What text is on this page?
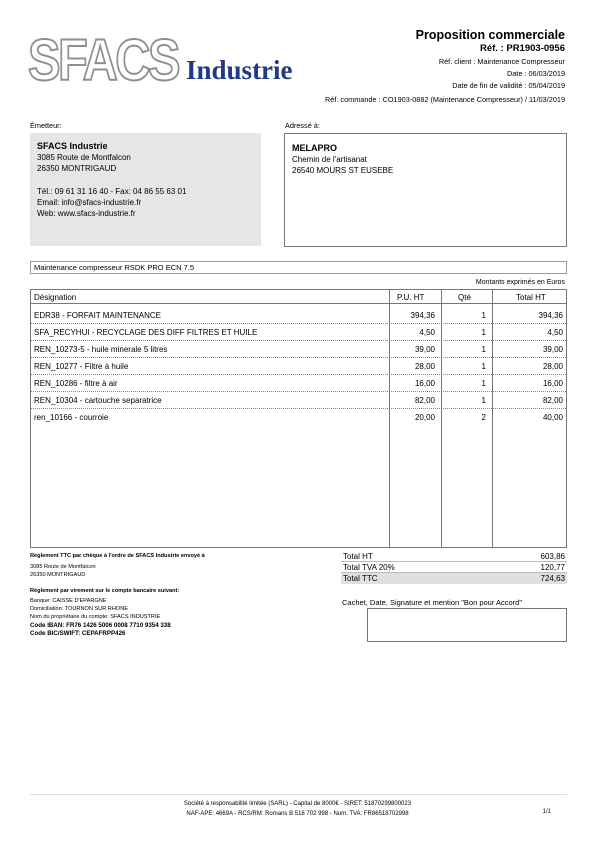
SFACS Industrie
Proposition commerciale
Réf. : PR1903-0956
Réf. client : Maintenance Compresseur
Date : 06/03/2019
Date de fin de validité : 05/04/2019
Réf. commande : CO1903-0882 (Maintenance Compresseur) / 11/03/2019
Émetteur:
SFACS Industrie
3085 Route de Montfalcon
26350 MONTRIGAUD
Tél.: 09 61 31 16 40 - Fax: 04 86 55 63 01
Email: info@sfacs-industrie.fr
Web: www.sfacs-industrie.fr
Adressé à:
MELAPRO
Chemin de l'artisanat
26540 MOURS ST EUSEBE
Maintenance compresseur RSDK PRO ECN 7.5
Montants exprimés en Euros
Désignation	P.U. HT	Qté	Total HT
EDR38 - FORFAIT MAINTENANCE	394,36	1	394,36
SFA_RECYHUI - RECYCLAGE DES DIFF FILTRES ET HUILE	4,50	1	4,50
REN_10273-5 - huile minerale 5 litres	39,00	1	39,00
REN_10277 - Filtre à huile	28,00	1	28,00
REN_10286 - filtre à air	16,00	1	16,00
REN_10304 - cartouche separatrice	82,00	1	82,00
ren_10166 - courroie	20,00	2	40,00
Règlement TTC par chèque à l'ordre de SFACS Industrie envoyé à
3085 Route de Montfalcon
26350 MONTRIGAUD
Règlement par virement sur le compte bancaire suivant:
Banque: CAISSE D'EPARGNE
Domiciliation: TOURNON SUR RHONE
Nom du propriétaire du compte: SFACS INDUSTRIE
Code IBAN: FR76 1426 5006 0008 7710 9354 338
Code BIC/SWIFT: CEPAFRPP426
Total HT	603,86
Total TVA 20%	120,77
Total TTC	724,63
Cachet, Date, Signature et mention "Bon pour Accord"
Société à responsabilité limitée (SARL) - Capital de 8000€ - SIRET: 51870299800023
NAF-APE: 4669A - RCS/RM: Romans B 518 702 998 - Num. TVA: FR86518702998	1/1
